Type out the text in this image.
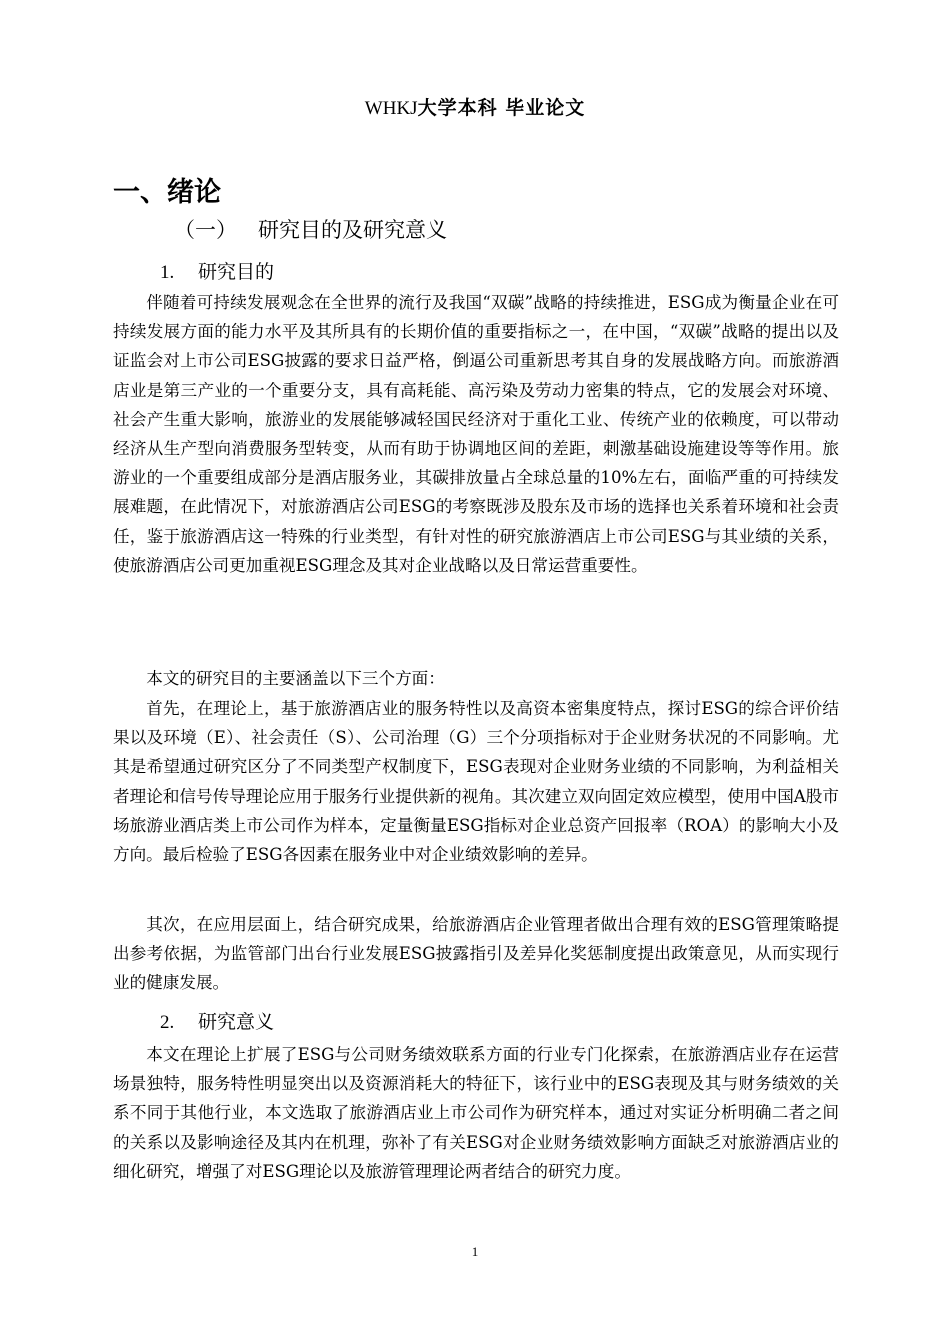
WHKJ大学本科 毕业论文
一、绪论
（一） 研究目的及研究意义
1. 研究目的

伴随着可持续发展观念在全世界的流行及我国“双碳”战略的持续推进，ESG成为衡量企业在可持续发展方面的能力水平及其所具有的长期价值的重要指标之一，在中国，“双碳”战略的提出以及证监会对上市公司ESG披露的要求日益严格，倒逼公司重新思考其自身的发展战略方向。而旅游酒店业是第三产业的一个重要分支，具有高耗能、高污染及劳动力密集的特点，它的发展会对环境、社会产生重大影响，旅游业的发展能够减轻国民经济对于重化工业、传统产业的依赖度，可以带动经济从生产型向消费服务型转变，从而有助于协调地区间的差距，刺激基础设施建设等等作用。旅游业的一个重要组成部分是酒店服务业，其碳排放量占全球总量的10%左右，面临严重的可持续发展难题，在此情况下，对旅游酒店公司ESG的考察既涉及股东及市场的选择也关系着环境和社会责任，鉴于旅游酒店这一特殊的行业类型，有针对性的研究旅游酒店上市公司ESG与其业绩的关系，使旅游酒店公司更加重视ESG理念及其对企业战略以及日常运营重要性。

本文的研究目的主要涵盖以下三个方面：

首先，在理论上，基于旅游酒店业的服务特性以及高资本密集度特点，探讨ESG的综合评价结果以及环境（E）、社会责任（S）、公司治理（G）三个分项指标对于企业财务状况的不同影响。尤其是希望通过研究区分了不同类型产权制度下，ESG表现对企业财务业绩的不同影响，为利益相关者理论和信号传导理论应用于服务行业提供新的视角。其次建立双向固定效应模型，使用中国A股市场旅游业酒店类上市公司作为样本，定量衡量ESG指标对企业总资产回报率（ROA）的影响大小及方向。最后检验了ESG各因素在服务业中对企业绩效影响的差异。

其次，在应用层面上，结合研究成果，给旅游酒店企业管理者做出合理有效的ESG管理策略提出参考依据，为监管部门出台行业发展ESG披露指引及差异化奖惩制度提出政策意见，从而实现行业的健康发展。

2. 研究意义

本文在理论上扩展了ESG与公司财务绩效联系方面的行业专门化探索，在旅游酒店业存在运营场景独特，服务特性明显突出以及资源消耗大的特征下，该行业中的ESG表现及其与财务绩效的关系不同于其他行业，本文选取了旅游酒店业上市公司作为研究样本，通过对实证分析明确二者之间的关系以及影响途径及其内在机理，弥补了有关ESG对企业财务绩效影响方面缺乏对旅游酒店业的细化研究，增强了对ESG理论以及旅游管理理论两者结合的研究力度。

1
